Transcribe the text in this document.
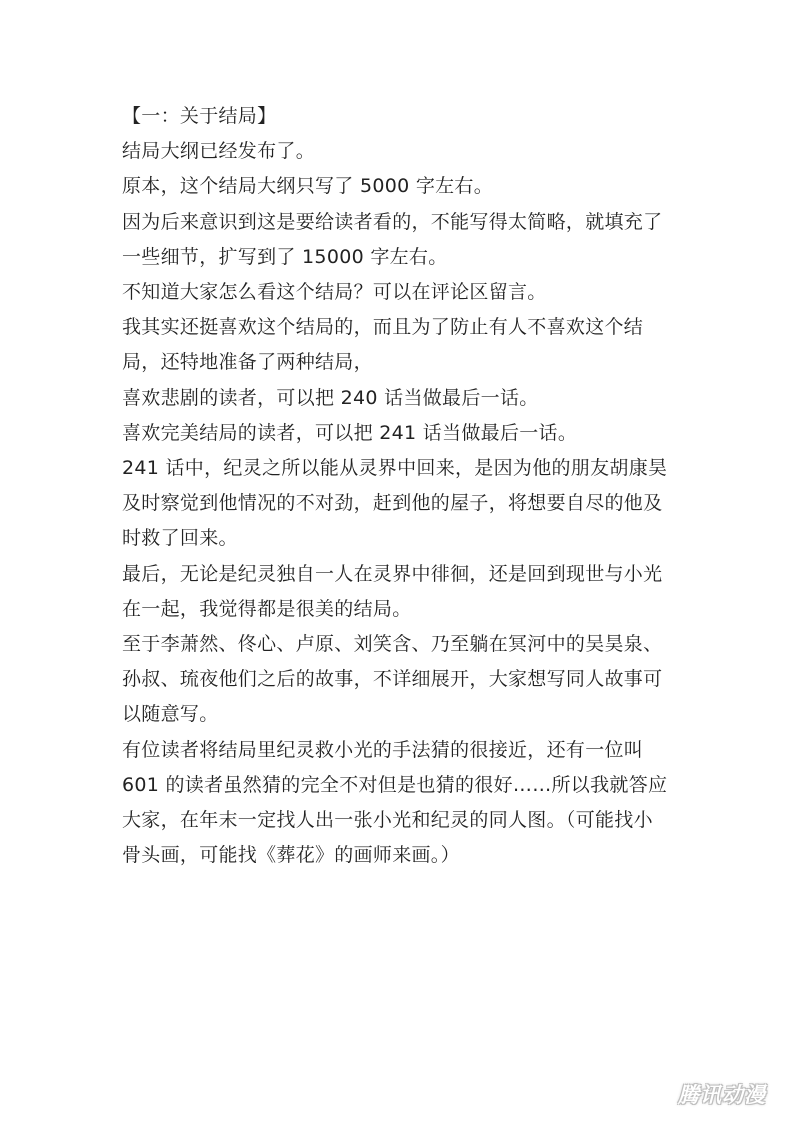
【一：关于结局】
结局大纲已经发布了。
原本，这个结局大纲只写了 5000 字左右。
因为后来意识到这是要给读者看的，不能写得太简略，就填充了
一些细节，扩写到了 15000 字左右。
不知道大家怎么看这个结局？可以在评论区留言。
我其实还挺喜欢这个结局的，而且为了防止有人不喜欢这个结
局，还特地准备了两种结局，
喜欢悲剧的读者，可以把 240 话当做最后一话。
喜欢完美结局的读者，可以把 241 话当做最后一话。
241 话中，纪灵之所以能从灵界中回来，是因为他的朋友胡康昊
及时察觉到他情况的不对劲，赶到他的屋子，将想要自尽的他及
时救了回来。
最后，无论是纪灵独自一人在灵界中徘徊，还是回到现世与小光
在一起，我觉得都是很美的结局。
至于李萧然、佟心、卢原、刘笑含、乃至躺在冥河中的吴昊泉、
孙叔、琉夜他们之后的故事，不详细展开，大家想写同人故事可
以随意写。
有位读者将结局里纪灵救小光的手法猜的很接近，还有一位叫
601 的读者虽然猜的完全不对但是也猜的很好……所以我就答应
大家，在年末一定找人出一张小光和纪灵的同人图。（可能找小
骨头画，可能找《葬花》的画师来画。）
腾讯动漫
